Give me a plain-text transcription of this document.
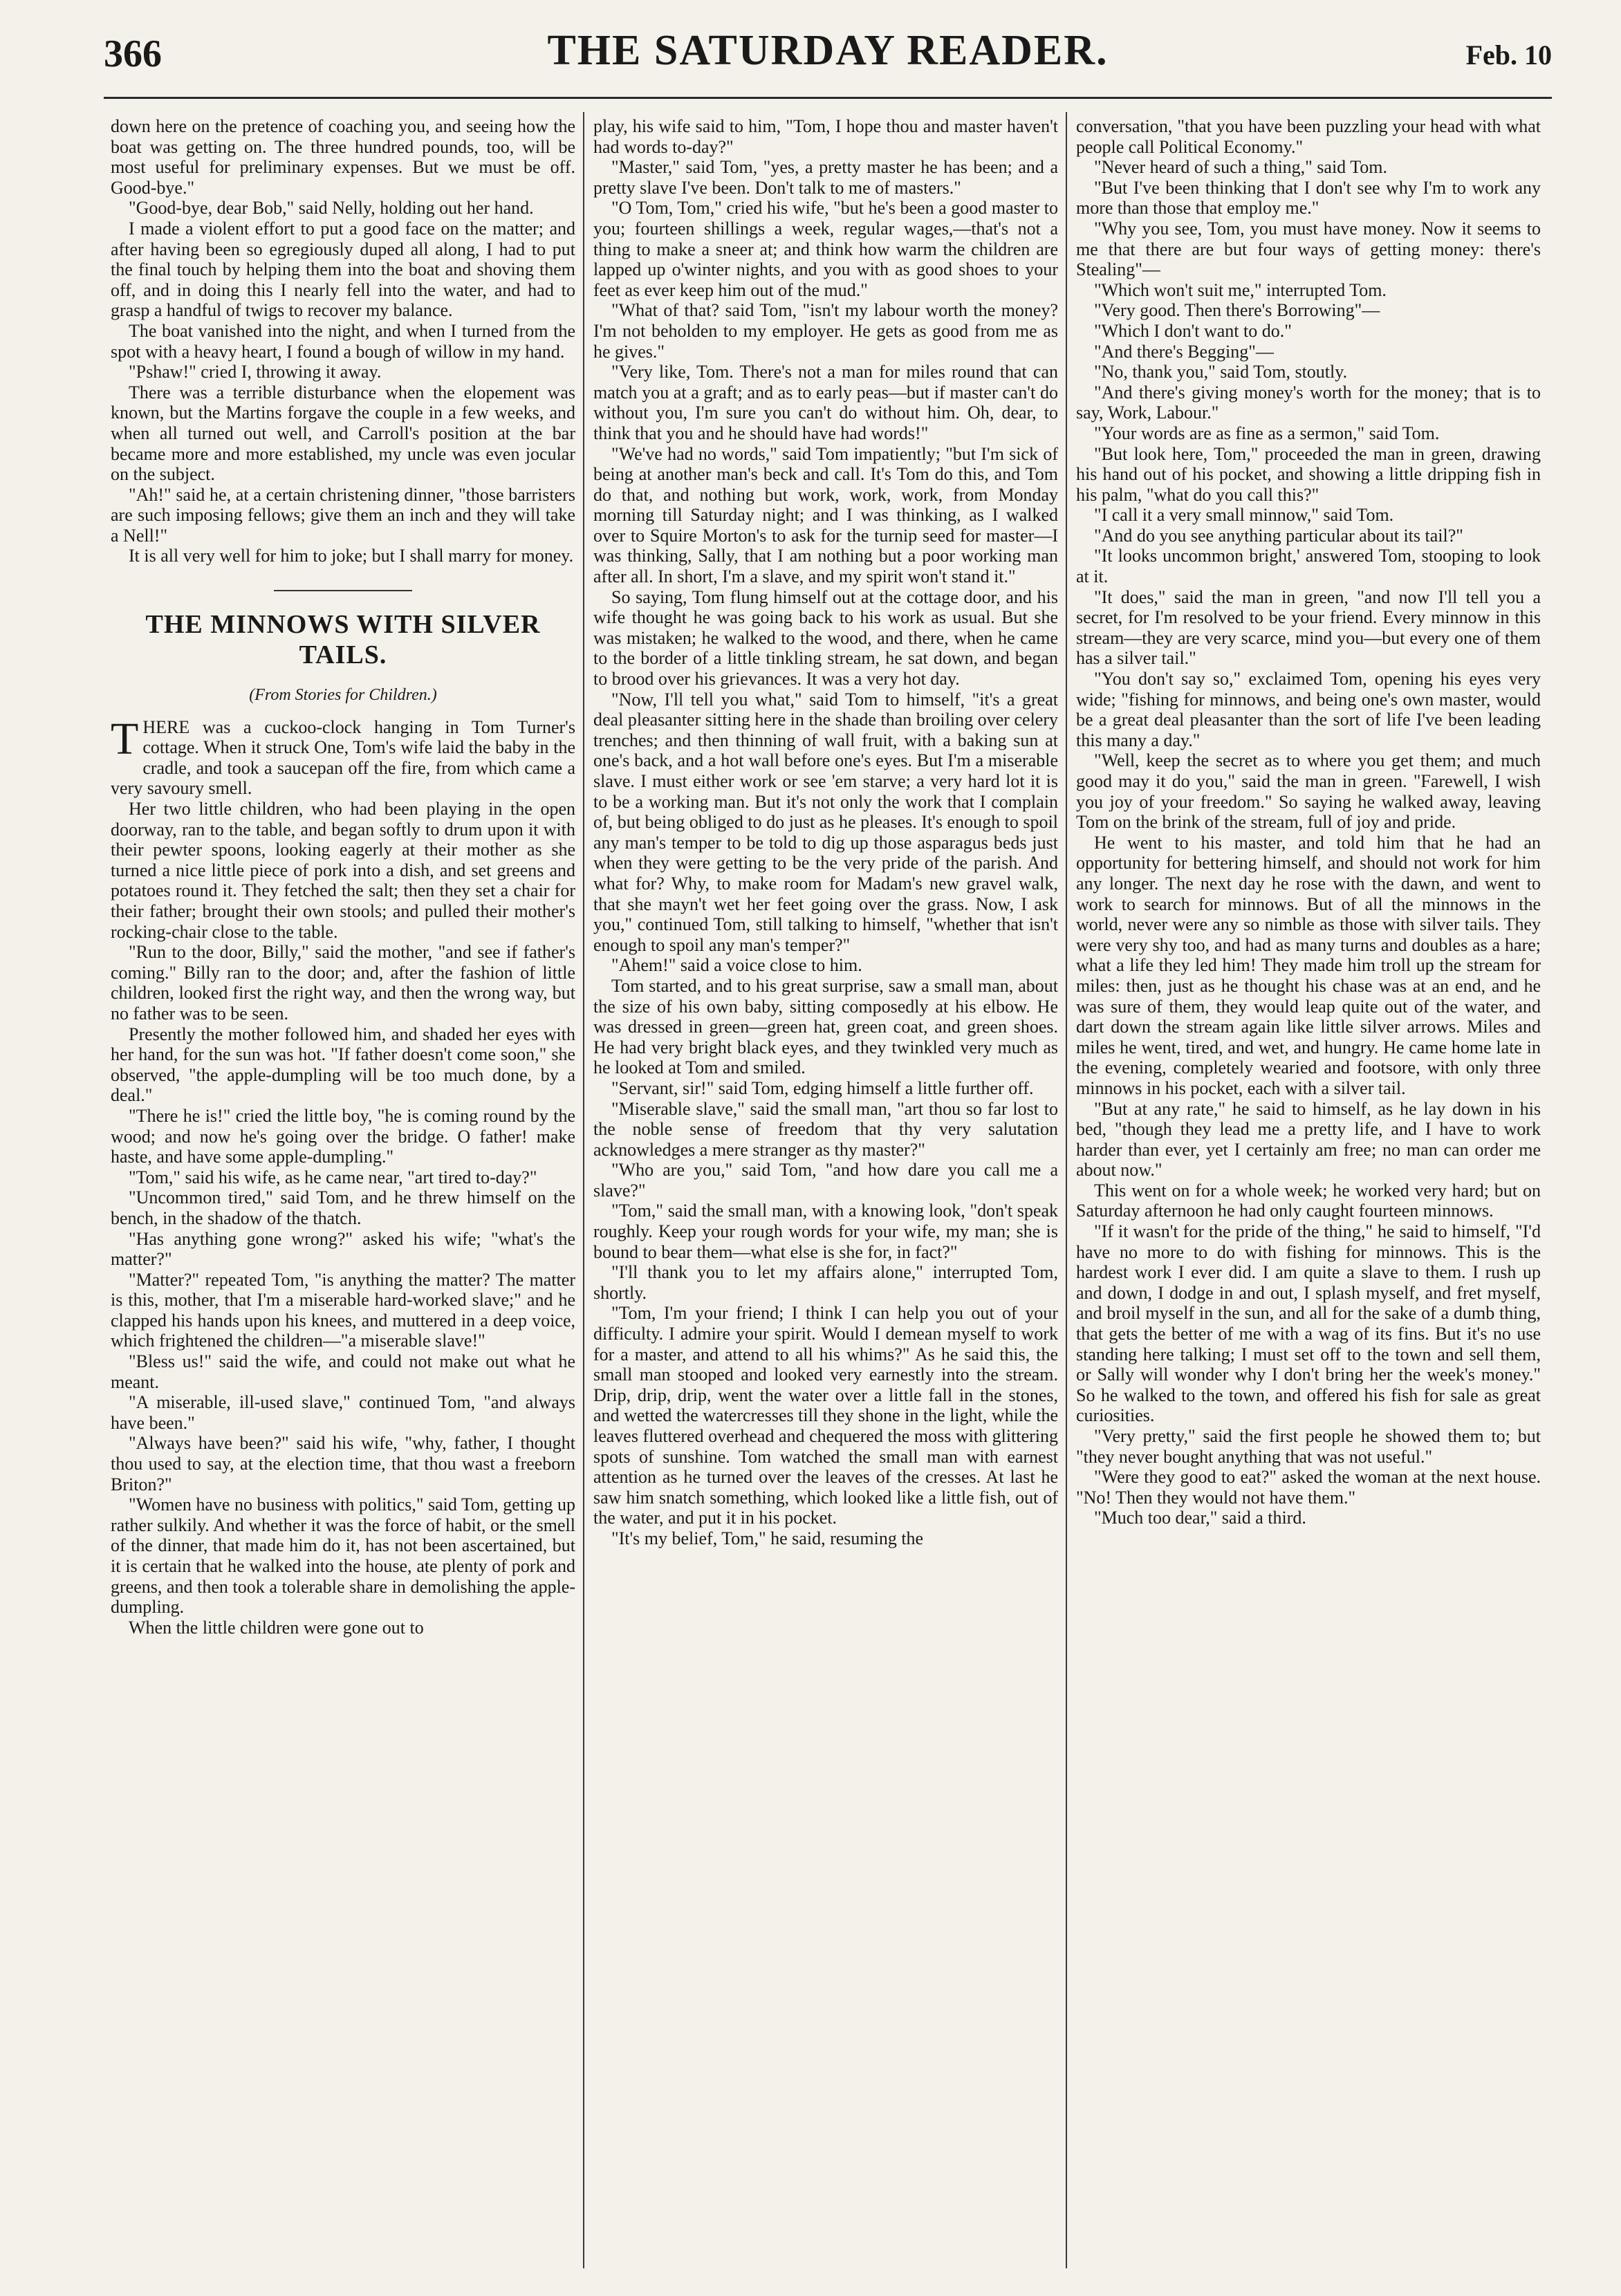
366	THE SATURDAY READER.	Feb. 10

down here on the pretence of coaching you, and seeing how the boat was getting on. The three hundred pounds, too, will be most useful for preliminary expenses. But we must be off. Good-bye."

"Good-bye, dear Bob," said Nelly, holding out her hand.

I made a violent effort to put a good face on the matter; and after having been so egregiously duped all along, I had to put the final touch by helping them into the boat and shoving them off, and in doing this I nearly fell into the water, and had to grasp a handful of twigs to recover my balance.

The boat vanished into the night, and when I turned from the spot with a heavy heart, I found a bough of willow in my hand.

"Pshaw!" cried I, throwing it away.

There was a terrible disturbance when the elopement was known, but the Martins forgave the couple in a few weeks, and when all turned out well, and Carroll's position at the bar became more and more established, my uncle was even jocular on the subject.

"Ah!" said he, at a certain christening dinner, "those barristers are such imposing fellows; give them an inch and they will take a Nell!"

It is all very well for him to joke; but I shall marry for money.

THE MINNOWS WITH SILVER TAILS.
(From Stories for Children.)

THERE was a cuckoo-clock hanging in Tom Turner's cottage. When it struck One, Tom's wife laid the baby in the cradle, and took a saucepan off the fire, from which came a very savoury smell.

Her two little children, who had been playing in the open doorway, ran to the table, and began softly to drum upon it with their pewter spoons, looking eagerly at their mother as she turned a nice little piece of pork into a dish, and set greens and potatoes round it. They fetched the salt; then they set a chair for their father; brought their own stools; and pulled their mother's rocking-chair close to the table.

"Run to the door, Billy," said the mother, "and see if father's coming." Billy ran to the door; and, after the fashion of little children, looked first the right way, and then the wrong way, but no father was to be seen.

Presently the mother followed him, and shaded her eyes with her hand, for the sun was hot. "If father doesn't come soon," she observed, "the apple-dumpling will be too much done, by a deal."

"There he is!" cried the little boy, "he is coming round by the wood; and now he's going over the bridge. O father! make haste, and have some apple-dumpling."

"Tom," said his wife, as he came near, "art tired to-day?"

"Uncommon tired," said Tom, and he threw himself on the bench, in the shadow of the thatch.

"Has anything gone wrong?" asked his wife; "what's the matter?"

"Matter?" repeated Tom, "is anything the matter? The matter is this, mother, that I'm a miserable hard-worked slave;" and he clapped his hands upon his knees, and muttered in a deep voice, which frightened the children—"a miserable slave!"

"Bless us!" said the wife, and could not make out what he meant.

"A miserable, ill-used slave," continued Tom, "and always have been."

"Always have been?" said his wife, "why, father, I thought thou used to say, at the election time, that thou wast a freeborn Briton?"

"Women have no business with politics," said Tom, getting up rather sulkily. And whether it was the force of habit, or the smell of the dinner, that made him do it, has not been ascertained, but it is certain that he walked into the house, ate plenty of pork and greens, and then took a tolerable share in demolishing the apple-dumpling.

When the little children were gone out to

play, his wife said to him, "Tom, I hope thou and master haven't had words to-day?"

"Master," said Tom, "yes, a pretty master he has been; and a pretty slave I've been. Don't talk to me of masters."

"O Tom, Tom," cried his wife, "but he's been a good master to you; fourteen shillings a week, regular wages,—that's not a thing to make a sneer at; and think how warm the children are lapped up o'winter nights, and you with as good shoes to your feet as ever keep him out of the mud."

"What of that? said Tom, "isn't my labour worth the money? I'm not beholden to my employer. He gets as good from me as he gives."

"Very like, Tom. There's not a man for miles round that can match you at a graft; and as to early peas—but if master can't do without you, I'm sure you can't do without him. Oh, dear, to think that you and he should have had words!"

"We've had no words," said Tom impatiently; "but I'm sick of being at another man's beck and call. It's Tom do this, and Tom do that, and nothing but work, work, work, from Monday morning till Saturday night; and I was thinking, as I walked over to Squire Morton's to ask for the turnip seed for master—I was thinking, Sally, that I am nothing but a poor working man after all. In short, I'm a slave, and my spirit won't stand it."

So saying, Tom flung himself out at the cottage door, and his wife thought he was going back to his work as usual. But she was mistaken; he walked to the wood, and there, when he came to the border of a little tinkling stream, he sat down, and began to brood over his grievances. It was a very hot day.

"Now, I'll tell you what," said Tom to himself, "it's a great deal pleasanter sitting here in the shade than broiling over celery trenches; and then thinning of wall fruit, with a baking sun at one's back, and a hot wall before one's eyes. But I'm a miserable slave. I must either work or see 'em starve; a very hard lot it is to be a working man. But it's not only the work that I complain of, but being obliged to do just as he pleases. It's enough to spoil any man's temper to be told to dig up those asparagus beds just when they were getting to be the very pride of the parish. And what for? Why, to make room for Madam's new gravel walk, that she mayn't wet her feet going over the grass. Now, I ask you," continued Tom, still talking to himself, "whether that isn't enough to spoil any man's temper?"

"Ahem!" said a voice close to him.

Tom started, and to his great surprise, saw a small man, about the size of his own baby, sitting composedly at his elbow. He was dressed in green—green hat, green coat, and green shoes. He had very bright black eyes, and they twinkled very much as he looked at Tom and smiled.

"Servant, sir!" said Tom, edging himself a little further off.

"Miserable slave," said the small man, "art thou so far lost to the noble sense of freedom that thy very salutation acknowledges a mere stranger as thy master?"

"Who are you," said Tom, "and how dare you call me a slave?"

"Tom," said the small man, with a knowing look, "don't speak roughly. Keep your rough words for your wife, my man; she is bound to bear them—what else is she for, in fact?"

"I'll thank you to let my affairs alone," interrupted Tom, shortly.

"Tom, I'm your friend; I think I can help you out of your difficulty. I admire your spirit. Would I demean myself to work for a master, and attend to all his whims?" As he said this, the small man stooped and looked very earnestly into the stream. Drip, drip, drip, went the water over a little fall in the stones, and wetted the watercresses till they shone in the light, while the leaves fluttered overhead and chequered the moss with glittering spots of sunshine. Tom watched the small man with earnest attention as he turned over the leaves of the cresses. At last he saw him snatch something, which looked like a little fish, out of the water, and put it in his pocket.

"It's my belief, Tom," he said, resuming the

conversation, "that you have been puzzling your head with what people call Political Economy."

"Never heard of such a thing," said Tom.

"But I've been thinking that I don't see why I'm to work any more than those that employ me."

"Why you see, Tom, you must have money. Now it seems to me that there are but four ways of getting money: there's Stealing"—

"Which won't suit me," interrupted Tom.

"Very good. Then there's Borrowing"—

"Which I don't want to do."

"And there's Begging"—

"No, thank you," said Tom, stoutly.

"And there's giving money's worth for the money; that is to say, Work, Labour."

"Your words are as fine as a sermon," said Tom.

"But look here, Tom," proceeded the man in green, drawing his hand out of his pocket, and showing a little dripping fish in his palm, "what do you call this?"

"I call it a very small minnow," said Tom.

"And do you see anything particular about its tail?"

"It looks uncommon bright,' answered Tom, stooping to look at it.

"It does," said the man in green, "and now I'll tell you a secret, for I'm resolved to be your friend. Every minnow in this stream—they are very scarce, mind you—but every one of them has a silver tail."

"You don't say so," exclaimed Tom, opening his eyes very wide; "fishing for minnows, and being one's own master, would be a great deal pleasanter than the sort of life I've been leading this many a day."

"Well, keep the secret as to where you get them; and much good may it do you," said the man in green. "Farewell, I wish you joy of your freedom." So saying he walked away, leaving Tom on the brink of the stream, full of joy and pride.

He went to his master, and told him that he had an opportunity for bettering himself, and should not work for him any longer. The next day he rose with the dawn, and went to work to search for minnows. But of all the minnows in the world, never were any so nimble as those with silver tails. They were very shy too, and had as many turns and doubles as a hare; what a life they led him! They made him troll up the stream for miles: then, just as he thought his chase was at an end, and he was sure of them, they would leap quite out of the water, and dart down the stream again like little silver arrows. Miles and miles he went, tired, and wet, and hungry. He came home late in the evening, completely wearied and footsore, with only three minnows in his pocket, each with a silver tail.

"But at any rate," he said to himself, as he lay down in his bed, "though they lead me a pretty life, and I have to work harder than ever, yet I certainly am free; no man can order me about now."

This went on for a whole week; he worked very hard; but on Saturday afternoon he had only caught fourteen minnows.

"If it wasn't for the pride of the thing," he said to himself, "I'd have no more to do with fishing for minnows. This is the hardest work I ever did. I am quite a slave to them. I rush up and down, I dodge in and out, I splash myself, and fret myself, and broil myself in the sun, and all for the sake of a dumb thing, that gets the better of me with a wag of its fins. But it's no use standing here talking; I must set off to the town and sell them, or Sally will wonder why I don't bring her the week's money." So he walked to the town, and offered his fish for sale as great curiosities.

"Very pretty," said the first people he showed them to; but "they never bought anything that was not useful."

"Were they good to eat?" asked the woman at the next house. "No! Then they would not have them."

"Much too dear," said a third.
